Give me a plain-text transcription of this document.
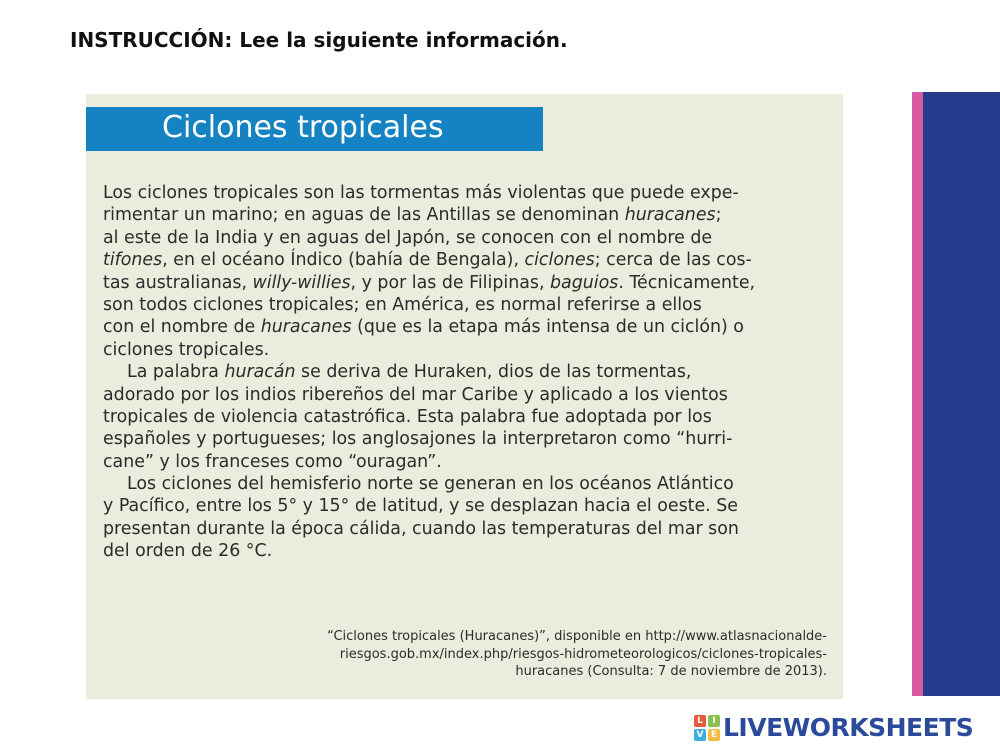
INSTRUCCIÓN: Lee la siguiente información.
Ciclones tropicales
Los ciclones tropicales son las tormentas más violentas que puede expe-
rimentar un marino; en aguas de las Antillas se denominan huracanes;
al este de la India y en aguas del Japón, se conocen con el nombre de
tifones, en el océano Índico (bahía de Bengala), ciclones; cerca de las cos-
tas australianas, willy-willies, y por las de Filipinas, baguios. Técnicamente,
son todos ciclones tropicales; en América, es normal referirse a ellos
con el nombre de huracanes (que es la etapa más intensa de un ciclón) o
ciclones tropicales.
La palabra huracán se deriva de Huraken, dios de las tormentas,
adorado por los indios ribereños del mar Caribe y aplicado a los vientos
tropicales de violencia catastrófica. Esta palabra fue adoptada por los
españoles y portugueses; los anglosajones la interpretaron como “hurri-
cane” y los franceses como “ouragan”.
Los ciclones del hemisferio norte se generan en los océanos Atlántico
y Pacífico, entre los 5° y 15° de latitud, y se desplazan hacia el oeste. Se
presentan durante la época cálida, cuando las temperaturas del mar son
del orden de 26 °C.
“Ciclones tropicales (Huracanes)”, disponible en http://www.atlasnacionalde-
riesgos.gob.mx/index.php/riesgos-hidrometeorologicos/ciclones-tropicales-
huracanes (Consulta: 7 de noviembre de 2013).
L	I
V E LIVEWORKSHEETS
